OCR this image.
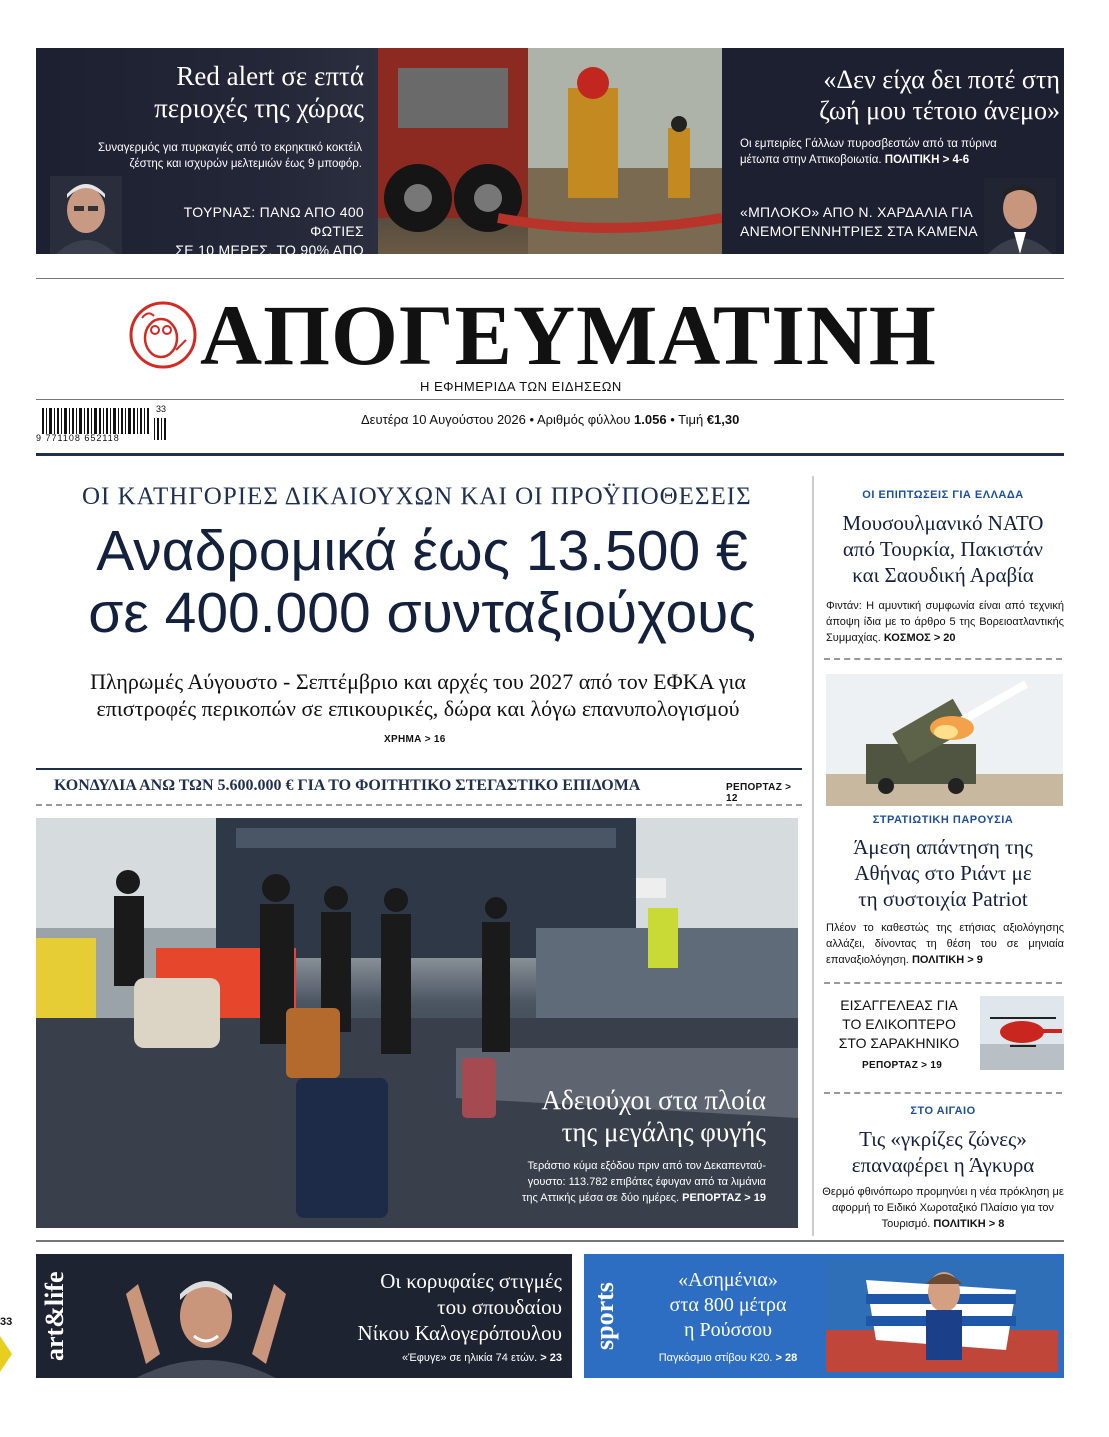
Red alert σε επτά
περιοχές της χώρας
Συναγερμός για πυρκαγιές από το εκρηκτικό κοκτέιλ
ζέστης και ισχυρών μελτεμιών έως 9 μποφόρ.
ΤΟΥΡΝΑΣ: ΠΑΝΩ ΑΠΟ 400 ΦΩΤΙΕΣ
ΣΕ 10 ΜΕΡΕΣ, ΤΟ 90% ΑΠΟ ΑΜΕΛΕΙΑ
«Δεν είχα δει ποτέ στη
ζωή μου τέτοιο άνεμο»
Οι εμπειρίες Γάλλων πυροσβεστών από τα πύρινα
μέτωπα στην Αττικοβοιωτία. ΠΟΛΙΤΙΚΗ > 4-6
«ΜΠΛΟΚΟ» ΑΠΟ Ν. ΧΑΡΔΑΛΙΑ ΓΙΑ
ΑΝΕΜΟΓΕΝΝΗΤΡΙΕΣ ΣΤΑ ΚΑΜΕΝΑ
ΑΠΟΓΕΥΜΑΤΙΝΗ
Η ΕΦΗΜΕΡΙΔΑ ΤΩΝ ΕΙΔΗΣΕΩΝ
9 771108 652118
33
Δευτέρα 10 Αυγούστου 2026 • Αριθμός φύλλου 1.056 • Τιμή €1,30
ΟΙ ΚΑΤΗΓΟΡΙΕΣ ΔΙΚΑΙΟΥΧΩΝ ΚΑΙ ΟΙ ΠΡΟΫΠΟΘΕΣΕΙΣ
Αναδρομικά έως 13.500 €
σε 400.000 συνταξιούχους
Πληρωμές Αύγουστο - Σεπτέμβριο και αρχές του 2027 από τον ΕΦΚΑ για
επιστροφές περικοπών σε επικουρικές, δώρα και λόγω επανυπολογισμού
ΧΡΗΜΑ > 16
ΚΟΝΔΥΛΙΑ ΑΝΩ ΤΩΝ 5.600.000 € ΓΙΑ ΤΟ ΦΟΙΤΗΤΙΚΟ ΣΤΕΓΑΣΤΙΚΟ ΕΠΙΔΟΜΑ	ΡΕΠΟΡΤΑΖ > 12
Αδειούχοι στα πλοία
της μεγάλης φυγής
Τεράστιο κύμα εξόδου πριν από τον Δεκαπενταύ-
γουστο: 113.782 επιβάτες έφυγαν από τα λιμάνια
της Αττικής μέσα σε δύο ημέρες. ΡΕΠΟΡΤΑΖ > 19
ΟΙ ΕΠΙΠΤΩΣΕΙΣ ΓΙΑ ΕΛΛΑΔΑ
Μουσουλμανικό ΝΑΤΟ
από Τουρκία, Πακιστάν
και Σαουδική Αραβία
Φιντάν: Η αμυντική συμφωνία είναι από τεχνική άποψη ίδια με το άρθρο 5 της Βορειοατλαντικής Συμμαχίας. ΚΟΣΜΟΣ > 20
ΣΤΡΑΤΙΩΤΙΚΗ ΠΑΡΟΥΣΙΑ
Άμεση απάντηση της
Αθήνας στο Ριάντ με
τη συστοιχία Patriot
Πλέον το καθεστώς της ετήσιας αξιολόγησης αλλάζει, δίνοντας τη θέση του σε μηνιαία επαναξιολόγηση. ΠΟΛΙΤΙΚΗ > 9
ΕΙΣΑΓΓΕΛΕΑΣ ΓΙΑ
ΤΟ ΕΛΙΚΟΠΤΕΡΟ
ΣΤΟ ΣΑΡΑΚΗΝΙΚΟ
ΡΕΠΟΡΤΑΖ > 19
ΣΤΟ ΑΙΓΑΙΟ
Τις «γκρίζες ζώνες»
επαναφέρει η Άγκυρα
Θερμό φθινόπωρο προμηνύει η νέα πρόκληση με αφορμή το Ειδικό Χωροταξικό Πλαίσιο για τον Τουρισμό. ΠΟΛΙΤΙΚΗ > 8
art&life	Οι κορυφαίες στιγμές
του σπουδαίου
Νίκου Καλογερόπουλου
«Έφυγε» σε ηλικία 74 ετών. > 23
sports
«Ασημένια»
στα 800 μέτρα
η Ρούσσου
Παγκόσμιο στίβου Κ20. > 28
33
